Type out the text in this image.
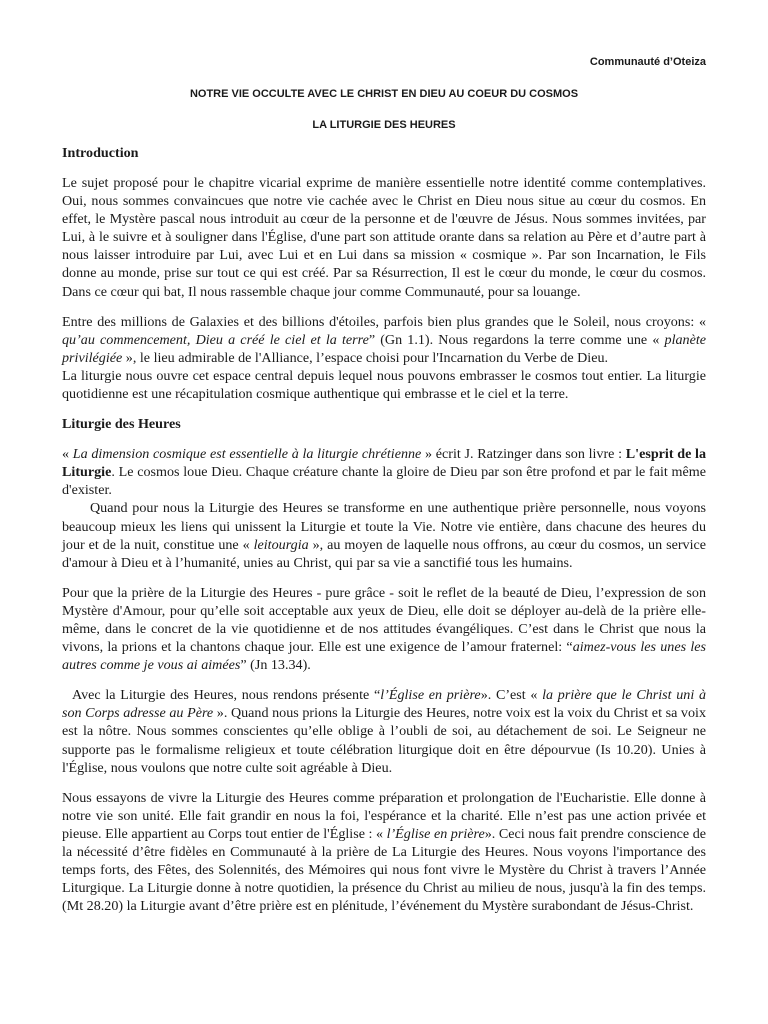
Communauté d’Oteiza

NOTRE VIE OCCULTE AVEC LE CHRIST EN DIEU AU COEUR DU COSMOS

LA LITURGIE DES HEURES

Introduction

Le sujet proposé pour le chapitre vicarial exprime de manière essentielle notre identité comme contemplatives. Oui, nous sommes convaincues que notre vie cachée avec le Christ en Dieu nous situe au cœur du cosmos. En effet, le Mystère pascal nous introduit au cœur de la personne et de l'œuvre de Jésus. Nous sommes invitées, par Lui, à le suivre et à souligner dans l'Église, d'une part son attitude orante dans sa relation au Père et d’autre part à nous laisser introduire par Lui, avec Lui et en Lui dans sa mission « cosmique ». Par son Incarnation, le Fils donne au monde, prise sur tout ce qui est créé. Par sa Résurrection, Il est le cœur du monde, le cœur du cosmos. Dans ce cœur qui bat, Il nous rassemble chaque jour comme Communauté, pour sa louange.

Entre des millions de Galaxies et des billions d'étoiles, parfois bien plus grandes que le Soleil, nous croyons: « qu’au commencement, Dieu a créé le ciel et la terre” (Gn 1.1). Nous regardons la terre comme une « planète privilégiée », le lieu admirable de l'Alliance, l’espace choisi pour l'Incarnation du Verbe de Dieu.

La liturgie nous ouvre cet espace central depuis lequel nous pouvons embrasser le cosmos tout entier. La liturgie quotidienne est une récapitulation cosmique authentique qui embrasse et le ciel et la terre.

Liturgie des Heures

« La dimension cosmique est essentielle à la liturgie chrétienne » écrit J. Ratzinger dans son livre : L'esprit de la Liturgie. Le cosmos loue Dieu. Chaque créature chante la gloire de Dieu par son être profond et par le fait même d'exister.

Quand pour nous la Liturgie des Heures se transforme en une authentique prière personnelle, nous voyons beaucoup mieux les liens qui unissent la Liturgie et toute la Vie. Notre vie entière, dans chacune des heures du jour et de la nuit, constitue une « leitourgia », au moyen de laquelle nous offrons, au cœur du cosmos, un service d'amour à Dieu et à l’humanité, unies au Christ, qui par sa vie a sanctifié tous les humains.

Pour que la prière de la Liturgie des Heures - pure grâce - soit le reflet de la beauté de Dieu, l’expression de son Mystère d'Amour, pour qu’elle soit acceptable aux yeux de Dieu, elle doit se déployer au-delà de la prière elle-même, dans le concret de la vie quotidienne et de nos attitudes évangéliques. C’est dans le Christ que nous la vivons, la prions et la chantons chaque jour. Elle est une exigence de l’amour fraternel: “aimez-vous les unes les autres comme je vous ai aimées” (Jn 13.34).

Avec la Liturgie des Heures, nous rendons présente “l’Église en prière». C’est « la prière que le Christ uni à son Corps adresse au Père ». Quand nous prions la Liturgie des Heures, notre voix est la voix du Christ et sa voix est la nôtre. Nous sommes conscientes qu’elle oblige à l’oubli de soi, au détachement de soi. Le Seigneur ne supporte pas le formalisme religieux et toute célébration liturgique doit en être dépourvue (Is 10.20). Unies à l'Église, nous voulons que notre culte soit agréable à Dieu.

Nous essayons de vivre la Liturgie des Heures comme préparation et prolongation de l'Eucharistie. Elle donne à notre vie son unité. Elle fait grandir en nous la foi, l'espérance et la charité. Elle n’est pas une action privée et pieuse. Elle appartient au Corps tout entier de l'Église : « l’Église en prière». Ceci nous fait prendre conscience de la nécessité d’être fidèles en Communauté à la prière de La Liturgie des Heures. Nous voyons l'importance des temps forts, des Fêtes, des Solennités, des Mémoires qui nous font vivre le Mystère du Christ à travers l’Année Liturgique. La Liturgie donne à notre quotidien, la présence du Christ au milieu de nous, jusqu'à la fin des temps. (Mt 28.20) la Liturgie avant d’être prière est en plénitude, l’événement du Mystère surabondant de Jésus-Christ.
